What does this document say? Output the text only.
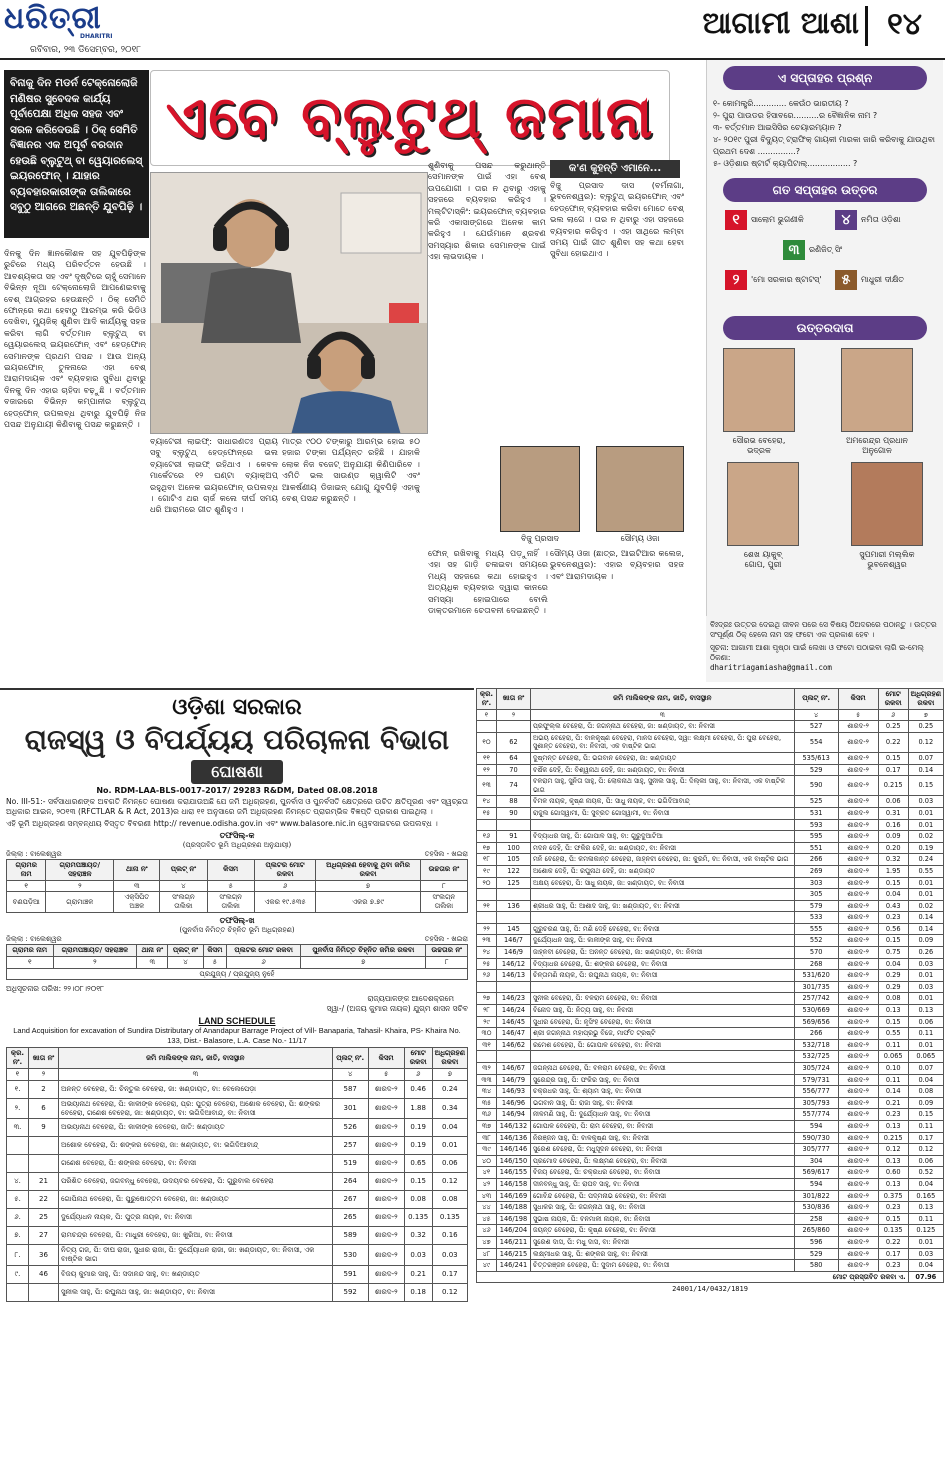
ଧରିତ୍ରୀ
DHARITRI
ରବିବାର, ୨୩ ଡିସେମ୍ବର, ୨୦୧୮
ଆଗାମୀ ଆଶା ୧୪
ବିନାକୁ ଦିନ ମଡର୍ନ ଟେକ୍ନୋଲୋଜି ମଣିଷର ସୁବେଦକ କାର୍ଯ୍ୟ ପୂର୍ବାପେକ୍ଷା ଅଧିକ ସହଜ ଏବଂ ସରଳ କରିଦେଉଛି । ଠିକ୍ ସେମିତି ବିଜ୍ଞାନର ଏକ ଅପୂର୍ବ ବରଦାନ ହେଉଛି ବ୍ଲୁଟୁଥ୍ ବା ୱେୟାରଲେସ୍ ଇୟରଫୋନ୍ । ଯାହାର ବ୍ୟବହାରକାରୀଙ୍କ ତାଲିକାରେ ସବୁଠୁ ଆଗରେ ଅଛନ୍ତି ଯୁବପିଢ଼ି ।
ଏବେ ବ୍ଲୁଟୁଥ୍ ଜମାନା
ଦିନକୁ ଦିନ ଜ୍ଞାନକୌଶଳ ସହ ଯୁବପିଢ଼ିଙ୍କ ରୁଚିରେ ମଧ୍ୟ ପରିବର୍ତ୍ତନ ହେଉଛି । ଆବଶ୍ୟକତା ସହ ଏବଂ ଦୃଷ୍ଟିରେ ଚାହୁଁ ସେମାନେ ବିଭିନ୍ନ ନୂଆ ଟେକ୍ନୋଲୋଜି ଆପଣେଇବାକୁ ବେଶ୍ ଆଗ୍ରହର ହେଉଛନ୍ତି । ଠିକ୍ ସେମିତି ଫୋନ୍‌ରେ କଥା ହେବାଠୁ ଆରମ୍ଭ କରି ଭିଡିଓ ଦେଖିବା, ମ୍ୟୁଜିକ୍ ଶୁଣିବା ଆଦି କାର୍ଯ୍ୟକୁ ସହଜ କରିବା ଲାଗି ବର୍ତ୍ତମାନ ବ୍ଲୁଟୁଥ୍ ବା ୱେୟାରଲେସ୍ ଇୟରଫୋନ୍ ଏବଂ ହେଡ୍‌ଫୋନ୍ ସେମାନଙ୍କ ପ୍ରଥମ ପସନ୍ଦ । ଆଉ ଅନ୍ୟ ଇୟରଫୋନ୍ ତୁଳନାରେ ଏହା ବେଶ୍ ଆରାମଦାୟକ ଏବଂ ବ୍ୟବହାର ସୁବିଧା ଥିବାରୁ ଦିନକୁ ଦିନ ଏହାର ଚାହିଦା ବଢ଼ୁଛି । ବର୍ତ୍ତମାନ ବଜାରରେ ବିଭିନ୍ନ କମ୍ପାନୀର ବ୍ଲୁଟୁଥ୍ ହେଡ୍‌ଫୋନ୍ ଉପଲବ୍ଧ ଥିବାରୁ ଯୁବପିଢ଼ି ନିଜ ପସନ୍ଦ ଅନୁଯାୟୀ କିଣିବାକୁ ପସନ୍ଦ କରୁଛନ୍ତି ।
ଶୁଣିବାକୁ ପସନ୍ଦ କରୁଥାନ୍ତି ସେମାନଙ୍କ ପାଇଁ ଏହା ବେଶ୍ ଉପଯୋଗୀ । ତାର ନ ଥିବାରୁ ଏହାକୁ ସହଜରେ ବ୍ୟବହାର କରିହୁଏ । ମଲ୍ଟିଟାସ୍କିଂ: ଇୟରଫୋନ୍ ବ୍ୟବହାର କରି ଏକାସାଙ୍ଗରେ ଅନେକ କାମ କରିହୁଏ । ଯେଉଁମାନେ ଶ୍ରବଣ ସମସ୍ୟାର ଶିକାର ସେମାନଙ୍କ ପାଇଁ ଏହା ଲାଭଦାୟକ ।
କ'ଣ କୁହନ୍ତି ଏମାନେ...
ବିଜୁ ପ୍ରସାଦ ଦାସ (ବର୍ମନାଗା, ଭୁବନେଶ୍ୱର): ବ୍ଲୁଟୁଥ୍ ଇୟରଫୋନ୍ ଏବଂ ହେଡ୍‌ଫୋନ୍ ବ୍ୟବହାର କରିବା ମୋତେ ବେଶ୍ ଭଲ ଲାଗେ । ତାର ନ ଥିବାରୁ ଏହା ସହଜରେ ବ୍ୟବହାର କରିହୁଏ । ଏହା ସାଥିରେ ଲମ୍ବା ସମୟ ପାଇଁ ଗୀତ ଶୁଣିବା ସହ କଥା ହେବା ସୁବିଧା ହୋଇଥାଏ ।
ବିଜୁ ପ୍ରସାଦ	ସୌମ୍ୟ ଓଜା
ବ୍ୟାଟେରୀ ଲାଇଫ୍: ସାଧାରଣତଃ ପ୍ରାୟ ସବୁ ବ୍ଲୁଟୁଥ୍ ହେଡ୍‌ଫୋନ୍‌ରେ ଭଲ ବ୍ୟାଟେରୀ ଲାଇଫ୍ ରହିଥାଏ । କେବଳ ମାର୍କେଟରେ ୧୨ ଘଣ୍ଟା ବ୍ୟାକ୍‌ଅପ୍ ରହୁଥିବା ଅନେକ ଇୟରଫୋନ୍ ଉପଲବ୍ଧ । ଗୋଟିଏ ଥର ଚାର୍ଜ କଲେ ଦୀର୍ଘ ସମୟ ଧରି ଆରାମରେ ଗୀତ ଶୁଣିହୁଏ ।
ମାତ୍ର ୯୦୦ ଟଙ୍କାରୁ ଆରମ୍ଭ ହୋଇ ୫୦ ହଜାର ଟଙ୍କା ପର୍ଯ୍ୟନ୍ତ ରହିଛି । ଯାହାକି ଲୋକ ନିଜ ବଜେଟ୍ ଅନୁଯାୟୀ କିଣିପାରିବେ । ଏମିତି ଭଲ ସାଉଣ୍ଡ କ୍ୱାଲିଟି ଏବଂ ଆକର୍ଷଣୀୟ ଡିଜାଇନ୍ ଯୋଗୁ ଯୁବପିଢ଼ି ଏହାକୁ ବେଶ୍ ପସନ୍ଦ କରୁଛନ୍ତି ।
ଫୋନ୍ ରଖିବାକୁ ମଧ୍ୟ ପଡ଼ୁନାହିଁ । ଏହା ସହ ଗାଡ଼ି ଚଳାଇବା ସମୟରେ ମଧ୍ୟ ସହଜରେ କଥା ହୋଇହୁଏ । ଅତ୍ୟଧିକ ବ୍ୟବହାର ଦ୍ୱାରା କାନରେ ସମସ୍ୟା ହୋଇପାରେ ବୋଲି ଡାକ୍ତରମାନେ ଚେତାବନୀ ଦେଇଛନ୍ତି ।
ସୌମ୍ୟ ଓଜା (ଛାତ୍ର, ଆଇଟିଆର କଲେଜ, ଭୁବନେଶ୍ୱର): ଏହାର ବ୍ୟବହାର ସହଜ ଏବଂ ଆରାମଦାୟକ ।
ଏ ସପ୍ତାହର ପ୍ରଶ୍ନ
୧- କୋମଲ୍ପ୍ରି............. କେଉଁଠ ଭାରତୀୟ ?
୨- ପୁରା ପାଉଡର ହିସାବରେ..........ର ବୈଜ୍ଞାନିକ ନାମ ?
୩- ବର୍ତ୍ତମାନ ଆଇସିସିର ଚେୟାରମ୍ୟାନ ?
୪- ୨୦୧୯ ପୁରୀ ବିଦ୍ୟୁତ୍ ଟ୍ରାଫିକ୍ ଗାୟକୀ ମାରକା ଜାରି କରିବାକୁ ଯାଉଥିବା ପ୍ରଥମ ଦେଶ ...............?
୫- ଓଡ଼ିଶାର ଷ୍ଟାର୍ଟ କ୍ୟାପିଟାଲ୍................. ?
ଗତ ସପ୍ତାହର ଉତ୍ତର
୧	ସାଲୋମ ଭୁଗଣୀକି	୪	ନମିତା ଓଡ଼ିଶା
୩	ରଣିଜିତ୍ ସିଂ
୨	'ମୋ ସରକାର ଷ୍ଟାଟସ୍'	୫	ମାଧୁରୀ ଦୀକ୍ଷିତ
ଉତ୍ତରଦାତା
ସୌରଭ ବେହେରା,
ଭଦ୍ରକ
ଅମରେନ୍ଦ୍ର ପ୍ରଧାନ
ଅନୁଗୋଳ
ଶେଖ ୟାକୁବ୍
ଗୋପ, ପୁରୀ
ସୁପମାରୀ ମଲ୍ଲିକ
ଭୁବନେଶ୍ୱର
ବିଃଦ୍ରଃ ଉତ୍ତର ଦେଇଥି ଜୀବନ ପରେ ସେ ବିଷୟ ଠିଅଦରରେ ପଠାନ୍ତୁ । ଉତ୍ତର ସଂପୂର୍ଣ୍ଣ ଠିକ୍ ହେଲେ ନାମ ସହ ଫଟୋ ଏକ ପ୍ରକାଶ ହେବ ।
ସୂଚନା: ଆଗାମୀ ଆଶା ପୃଷ୍ଠା ପାଇଁ ଲେଖା ଓ ଫଟୋ ପଠାଇବା ଲାଗି ଇ-ମେଲ୍ ଠିକଣା:
dharitriagamiasha@gmail.com
ଓଡ଼ିଶା ସରକାର
ରାଜସ୍ୱ ଓ ବିପର୍ଯ୍ୟୟ ପରିଚାଳନା ବିଭାଗ
ଘୋଷଣା
No. RDM-LAA-BLS-0017-2017/ 29283 R&DM, Dated 08.08.2018
No. III-51:- ସର୍ବସାଧାରଣଙ୍କ ଅବଗତି ନିମନ୍ତେ ଘୋଷଣା କରାଯାଉଅଛି ଯେ ଜମି ଅଧିଗ୍ରହଣ, ପୁନର୍ବାସ ଓ ପୁନର୍ବସତି କ୍ଷେତ୍ରରେ ଉଚିତ କ୍ଷତିପୂରଣ ଏବଂ ସ୍ୱଚ୍ଛତା ଅଧିକାର ଆଇନ, ୨୦୧୩ (RFCTLAR & R Act, 2013)ର ଧାରା ୧୧ ଅନୁସାରେ ଜମି ଅଧିଗ୍ରହଣ ନିମନ୍ତେ ପ୍ରାରମ୍ଭିକ ବିଜ୍ଞପ୍ତି ପ୍ରକାଶ ପାଇଥିଲା ।
ଏହି ଭୂମି ଅଧିଗ୍ରହଣ ସମ୍ବନ୍ଧୀୟ ବିସ୍ତୃତ ବିବରଣୀ http:// revenue.odisha.gov.in ଏବଂ www.balasore.nic.in ୱେବସାଇଟରେ ଉପଲବ୍ଧ ।
ତଫସିଲ୍-କ
(ପ୍ରସ୍ତାବିତ ଭୂମି ଅଧିଗ୍ରହଣ ଅନୁଯାୟୀ)
ଜିଲ୍ଲା : ବାଲେଶ୍ୱର	ତହସିଲ - ଖଇରା
ଗ୍ରାମର ନାମ	ଗ୍ରାମପଞ୍ଚାୟତ/ସହରାଞ୍ଚଳ	ଥାନା ନଂ	ପ୍ଲଟ୍ ନଂ	କିସମ	ପ୍ଲଟର ମୋଟ ରକବା	ଅଧିଗ୍ରହଣ ହେବାକୁ ଥିବା ଜମିର ରକବା	ଉଚ୍ଚତାର ନଂ
୧	୨	୩	୪	୫	୬	୭	୮
ବଣପଡ଼ିଆ	ଗ୍ରାମାଞ୍ଚଳ	ଏକ୍ସିପିତ ଅଞ୍ଚଳ	ସଂଲଗ୍ନ ତାଲିକା	ସଂଲଗ୍ନ ତାଲିକା	ଏକର ୧୯.୫୩୫	ଏକର ୭.୭୯	ସଂଲଗ୍ନ ତାଲିକା
ତଫସିଲ୍-ଖ
(ପୁନର୍ବାସ ନିମିତ୍ତ ଚିହ୍ନିତ ଭୂମି ଅଧିଗ୍ରହଣ)
ଜିଲ୍ଲା : ବାଲେଶ୍ୱର	ତହସିଲ - ଖଇରା
ଗ୍ରାମର ନାମ	ଗ୍ରାମପଞ୍ଚାୟତ/ ସହରାଞ୍ଚଳ	ଥାନା ନଂ	ପ୍ଲଟ୍ ନଂ	କିସମ	ପ୍ଲଟର ମୋଟ ରକବା	ପୁନର୍ବାସ ନିମିତ୍ତ ଚିହ୍ନିତ ଜମିର ରକବା	ଉଚ୍ଚତାର ନଂ
୧	୨	୩	୪	୫	୬	୭	୮
ପ୍ରଯୁଜ୍ୟ / ପ୍ରଯୁଜ୍ୟ ନୁହେଁ							
ଅଧିସୂଚନାର ତାରିଖ: ୨୨।୦୮।୨୦୧୮
ରାଜ୍ୟପାଳଙ୍କ ଆଦେଶକ୍ରମେ
ସ୍ୱା-/ (ଅଜୟ କୁମାର ନାୟକ) ଯୁଗ୍ମ ଶାସନ ସଚିବ
LAND SCHEDULE
Land Acquisition for excavation of Sundira Distributary of Anandapur Barrage Project of Vill- Banaparia, Tahasil- Khaira, PS- Khaira No. 133, Dist.- Balasore, L.A. Case No.- 11/17
କ୍ର. ନଂ.	ଖାତା ନଂ	ଜମି ମାଲିକଙ୍କ ନାମ, ଜାତି, ବାସସ୍ଥାନ	ପ୍ଲଟ୍ ନଂ.	କିସମ	ମୋଟ ରକବା	ଅଧିଗ୍ରହଣ ରକବା
୧	୨	୩	୪	୫	୬	୭
୧.	2	ଅନନ୍ତ ବେହେରା, ପି: ଚିନ୍ତୁଲ ବେହେରା, ଜା: ଖଣ୍ଡାୟତ, ବା: ବେଲେପେଡ଼ା	587	ଶାରଦ-୨	0.46	0.24
୨.	6	ଅଭୟାନାଥ ବେହେରା, ପି: କାଳୀଙ୍କ ବେହେରା, ପ୍ର: ପୁତ୍ରା ବେହେରା, ଅଶୋକ ବେହେରା, ପି: ଶଙ୍କର ବେହେରା, ଗଣେଶ ବେହେରା, ଜା: ଖଣ୍ଡାୟତ, ବା: ଭଗିଦିଆବାନ୍ଦ୍, ବା: ନିବାସୀ	301	ଶାରଦ-୨	1.88	0.34
୩.	9	ଅଭୟାନାଥ ବେହେରା, ପି: କାଳୀଙ୍କ ବେହେରା, ଜାତି: ଖଣ୍ଡାୟତ	526	ଶାରଦ-୨	0.19	0.04
		ଅଶୋକ ବେହେରା, ପି: ଶଙ୍କର ବେହେରା, ଜା: ଖଣ୍ଡାୟତ, ବା: ଭଗିଦିଆବାନ୍ଦ୍	257	ଶାରଦ-୨	0.19	0.01
		ଗଣେଶ ବେହେରା, ପି: ଶଙ୍କର ବେହେରା, ବା: ନିବାସୀ	519	ଶାରଦ-୨	0.65	0.06
୪.	21	ପରିଶିତ ବେହେରା, ଜଗବନ୍ଧୁ ବେହେରା, ଉଦୟବର ବେହେରା, ପି: ଗୁରୁବାଲ ବେହେରା	264	ଶାରଦ-୨	0.15	0.12
୫.	22	ଗୋପିନାଥ ବେହେରା, ପି: ପୁରୁଷୋତ୍ତମ ବେହେରା, ଜା: ଖଣ୍ଡାୟତ	267	ଶାରଦ-୨	0.08	0.08
୬.	25	ଦୁର୍ଯ୍ୟୋଧନ ନାୟକ, ପି: ପୁତ୍ର ନାୟକ, ବା: ନିବାସୀ	265	ଶାରଦ-୨	0.135	0.135
୭.	27	ରାମଚନ୍ଦ୍ର ବେହେରା, ପି: ମାଧୁରୀ ବେହେରା, ଜା: ଖୁରିଆ, ବା: ନିବାସୀ	589	ଶାରଦ-୨	0.32	0.16
୮.	36	ନିତ୍ୟ ଗଜ, ପି: ଦୀଘ ରାଜା, ସୁଧୀର ରାଜା, ପି: ଦୁର୍ଯ୍ୟୋଧନ ରାଜା, ଜା: ଖଣ୍ଡାୟତ, ବା: ନିବାସୀ, ଏକ ବାଷ୍ଟିକ ଭାଗ	530	ଶାରଦ-୨	0.03	0.03
୯.	46	ବିଜୟ କୁମାର ସାହୁ, ପି: ସଦାନନ୍ଦ ସାହୁ, ବା: ଖଣ୍ଡାୟତ	591	ଶାରଦ-୨	0.21	0.17
		ସୁନୀଲ ସାହୁ, ପି: ରଘୁନାଥ ସାହୁ, ଜା: ଖଣ୍ଡାୟତ, ବା: ନିବାସୀ	592	ଶାରଦ-୨	0.18	0.12
କ୍ର. ନଂ.	ଖାତା ନଂ	ଜମି ମାଲିକଙ୍କ ନାମ, ଜାତି, ବାସସ୍ଥାନ	ପ୍ଲଟ୍ ନଂ.	କିସମ	ମୋଟ ରକବା	ଅଧିଗ୍ରହଣ ରକବା
୧	୨	୩	୪	୫	୬	୭
		ପ୍ରଫୁଲ୍ଲ ବେହେରା, ପି: ଜଗନ୍ନାଥ ବେହେରା, ଜା: ଖଣ୍ଡାୟତ, ବା: ନିବାସୀ	527	ଶାରଦ-୨	0.25	0.25
୧୦	62	ଅଭୟ ବେହେରା, ପି: ବାଳକୃଷ୍ଣ ବେହେରା, ମାନସ ବେହେରା, ସ୍ୱା: ଲକ୍ଷ୍ମୀ ବେହେରା, ପି: ପୁରା ବେହେରା, ସୁଶାନ୍ତ ବେହେରା, ବା: ନିବାସୀ, ଏକ ବାଷ୍ଟିକ ଭାଗ	554	ଶାରଦ-୨	0.22	0.12
୧୧	64	ଦୁଷ୍ମନ୍ତ ବେହେରା, ପି: ଭଗବାନ ବେହେରା, ଜା: ଖଣ୍ଡାୟତ	535/613	ଶାରଦ-୨	0.15	0.07
୧୨	70	ବର୍ଷିକ ଦେହି, ପି: ବିଶ୍ୱନାଥ ଦେହି, ଜା: ଖଣ୍ଡାୟତ, ବା: ନିବାସୀ	529	ଶାରଦ-୨	0.17	0.14
୧୩	74	ବଳରାମ ସାହୁ, ସୁନିତା ସାହୁ, ପି: ଲୋକନାଥ ସାହୁ, ସୁନୀଲ ସାହୁ, ପି: ଦିଲ୍ଲୀ ସାହୁ, ବା: ନିବାସୀ, ଏକ ବାଷ୍ଟିକ ଭାଗ	590	ଶାରଦ-୨	0.215	0.15
୧୪	88	ବିମଳ ନାୟକ, କୃଷ୍ଣ ନାୟକ, ପି: ସାଧୁ ନାୟକ, ବା: ଭଗିଦିଆବାନ୍ଦ୍	525	ଶାରଦ-୨	0.06	0.03
୧୫	90	ରାଜୁଲ ଗୋସ୍ୱାମୀ, ପି: ସୁବ୍ରତ ଗୋସ୍ୱାମୀ, ବା: ନିବାସୀ	531	ଶାରଦ-୨	0.31	0.01
			593	ଶାରଦ-୨	0.16	0.01
୧୬	91	ବିଦ୍ୟାଧର ସାହୁ, ପି: ଗୋପାଳ ସାହୁ, ବା: ଗୁରୁଦୁଆଟିଆ	595	ଶାରଦ-୨	0.09	0.02
୧୭	100	ମଦନ ଦେହି, ପି: ଫକିର ଦେହି, ଜା: ଖଣ୍ଡାୟତ, ବା: ନିବାସୀ	551	ଶାରଦ-୨	0.20	0.19
୧୮	105	ମନି ବେହେରା, ପି: କମଳାକାନ୍ତ ବେହେରା, ଜାହ୍ନବୀ ବେହେରା, ଜା: କୁରମି, ବା: ନିବାସୀ, ଏକ ବାଷ୍ଟିକ ଭାଗ	266	ଶାରଦ-୨	0.32	0.24
୧୯	122	ଅଶୋକ ଦେହି, ପି: ରଘୁନାଥ ଦେହି, ଜା: ଖଣ୍ଡାୟତ	269	ଶାରଦ-୨	1.95	0.55
୨୦	125	ଅକ୍ଷୟ ବେହେରା, ପି: ସାଧୁ ନାୟକ, ଜା: ଖଣ୍ଡାୟତ, ବା: ନିବାସୀ	303	ଶାରଦ-୨	0.15	0.01
			305	ଶାରଦ-୨	0.04	0.01
୨୧	136	ଶ୍ରୀଧର ସାହୁ, ପି: ଆଶାଦ ସାହୁ, ଜା: ଖଣ୍ଡାୟତ, ବା: ନିବାସୀ	579	ଶାରଦ-୨	0.43	0.02
			533	ଶାରଦ-୨	0.23	0.14
୨୨	145	ଗୁରୁଚରଣ ସାହୁ, ପି: ମଣି ଦେହି ବେହେରା, ବା: ନିବାସୀ	555	ଶାରଦ-୨	0.56	0.14
୨୩	146/7	ଦୁର୍ଯ୍ୟୋଧନ ସାହୁ, ପି: କାଳୀଙ୍କ ସାହୁ, ବା: ନିବାସୀ	552	ଶାରଦ-୨	0.15	0.09
୨୪	146/9	ଜାହ୍ନବୀ ବେହେରା, ପି: ଅନନ୍ତ ବେହେରା, ଜା: ଖଣ୍ଡାୟତ, ବା: ନିବାସୀ	570	ଶାରଦ-୨	0.75	0.26
୨୫	146/12	ବିଦ୍ୟାଧର ବେହେରା, ପି: ଶଙ୍କର ବେହେରା, ବା: ନିବାସୀ	268	ଶାରଦ-୨	0.04	0.03
୨୬	146/13	ଚିନ୍ତାମଣି ନାୟକ, ପି: ରଘୁନାଥ ନାୟକ, ବା: ନିବାସୀ	531/620	ଶାରଦ-୨	0.29	0.01
			301/735	ଶାରଦ-୨	0.29	0.03
୨୭	146/23	ସୁନୀଲ ବେହେରା, ପି: ବଳରାମ ବେହେରା, ବା: ନିବାସୀ	257/742	ଶାରଦ-୨	0.08	0.01
୨୮	146/24	ବିନୋଦ ସାହୁ, ପି: ନିତ୍ୟ ସାହୁ, ବା: ନିବାସୀ	530/669	ଶାରଦ-୨	0.13	0.13
୨୯	146/45	ସୁଧୀର ବେହେରା, ପି: ନୃସିଂହ ବେହେରା, ବା: ନିବାସୀ	569/656	ଶାରଦ-୨	0.15	0.06
୩୦	146/47	ଶ୍ରୀ ଜଗନ୍ନାଥ ମହାପ୍ରଭୁ ବିଜେ, ମାର୍ଫତ ଟ୍ରଷ୍ଟି	266	ଶାରଦ-୨	0.55	0.11
୩୧	146/62	ରମେଶ ବେହେରା, ପି: ଗୋପାଳ ବେହେରା, ବା: ନିବାସୀ	532/718	ଶାରଦ-୨	0.11	0.01
			532/725	ଶାରଦ-୨	0.065	0.065
୩୨	146/67	ଜଗନ୍ନାଥ ବେହେରା, ପି: ବଳରାମ ବେହେରା, ବା: ନିବାସୀ	305/724	ଶାରଦ-୨	0.10	0.07
୩୩	146/79	ସୁରେନ୍ଦ୍ର ସାହୁ, ପି: ଫକିର ସାହୁ, ବା: ନିବାସୀ	579/731	ଶାରଦ-୨	0.11	0.04
୩୪	146/93	ଚକ୍ରଧର ସାହୁ, ପି: ଶ୍ୟାମ ସାହୁ, ବା: ନିବାସୀ	556/777	ଶାରଦ-୨	0.14	0.08
୩୫	146/96	ଭଗବାନ ସାହୁ, ପି: ରାଜା ସାହୁ, ବା: ନିବାସୀ	305/793	ଶାରଦ-୨	0.21	0.09
୩୬	146/94	ନୀଳମଣି ସାହୁ, ପି: ଦୁର୍ଯ୍ୟୋଧନ ସାହୁ, ବା: ନିବାସୀ	557/774	ଶାରଦ-୨	0.23	0.15
୩୭	146/132	ଗୋପାଳ ବେହେରା, ପି: ରାମ ବେହେରା, ବା: ନିବାସୀ	594	ଶାରଦ-୨	0.13	0.11
୩୮	146/136	ନିରଞ୍ଜନ ସାହୁ, ପି: ବାଳକୃଷ୍ଣ ସାହୁ, ବା: ନିବାସୀ	590/730	ଶାରଦ-୨	0.215	0.17
୩୯	146/146	ସୁରେଶ ବେହେରା, ପି: ମଧୁସୂଦନ ବେହେରା, ବା: ନିବାସୀ	305/777	ଶାରଦ-୨	0.12	0.12
୪୦	146/150	ପ୍ରମୋଦ ବେହେରା, ପି: ଲକ୍ଷ୍ମଣ ବେହେରା, ବା: ନିବାସୀ	304	ଶାରଦ-୨	0.13	0.06
୪୧	146/155	ବିଜୟ ବେହେରା, ପି: ଚକ୍ରଧର ବେହେରା, ବା: ନିବାସୀ	569/617	ଶାରଦ-୨	0.60	0.52
୪୨	146/158	ଦୀନବନ୍ଧୁ ସାହୁ, ପି: ରାଘବ ସାହୁ, ବା: ନିବାସୀ	594	ଶାରଦ-୨	0.13	0.04
୪୩	146/169	ଗୋବିନ୍ଦ ବେହେରା, ପି: ପଦ୍ମନାଭ ବେହେରା, ବା: ନିବାସୀ	301/822	ଶାରଦ-୨	0.375	0.165
୪୪	146/188	ସୁଧାକର ସାହୁ, ପି: ଜଗନ୍ନାଥ ସାହୁ, ବା: ନିବାସୀ	530/836	ଶାରଦ-୨	0.23	0.13
୪୫	146/198	ସୁଭାଷ ନାୟକ, ପି: ବନମାଳୀ ନାୟକ, ବା: ନିବାସୀ	258	ଶାରଦ-୨	0.15	0.11
୪୬	146/204	ଜୟନ୍ତ ବେହେରା, ପି: କୃଷ୍ଣ ବେହେରା, ବା: ନିବାସୀ	265/860	ଶାରଦ-୨	0.135	0.125
୪୭	146/211	ସୁରେଶ ଦାସ, ପି: ମଧୁ ଦାସ, ବା: ନିବାସୀ	596	ଶାରଦ-୨	0.22	0.01
୪୮	146/215	ଲକ୍ଷ୍ମୀଧର ସାହୁ, ପି: ଶଙ୍କର ସାହୁ, ବା: ନିବାସୀ	529	ଶାରଦ-୨	0.17	0.03
୪୯	146/241	ଚିତ୍ତରଞ୍ଜନ ବେହେରା, ପି: ସୁଦାମ ବେହେରା, ବା: ନିବାସୀ	580	ଶାରଦ-୨	0.23	0.04
ମୋଟ ପ୍ରସ୍ତାବିତ ରକବା ଏ.						07.96
24001/14/0432/1819
